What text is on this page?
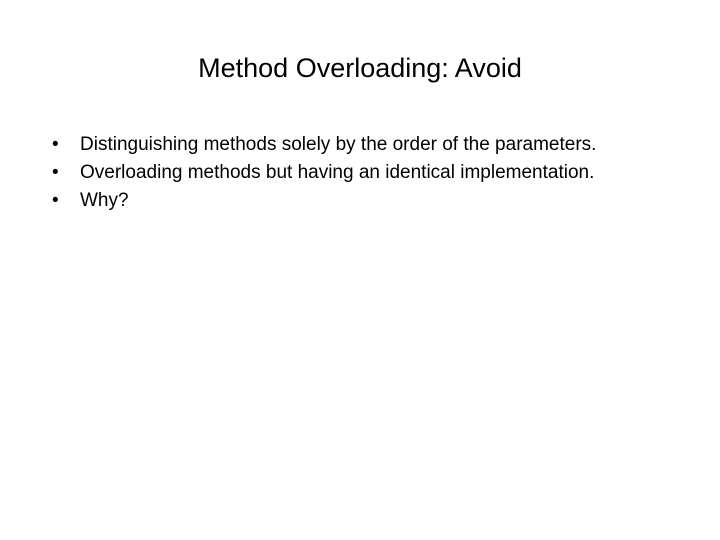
Method Overloading: Avoid
•	Distinguishing methods solely by the order of the parameters.
•	Overloading methods but having an identical implementation.
•	Why?
